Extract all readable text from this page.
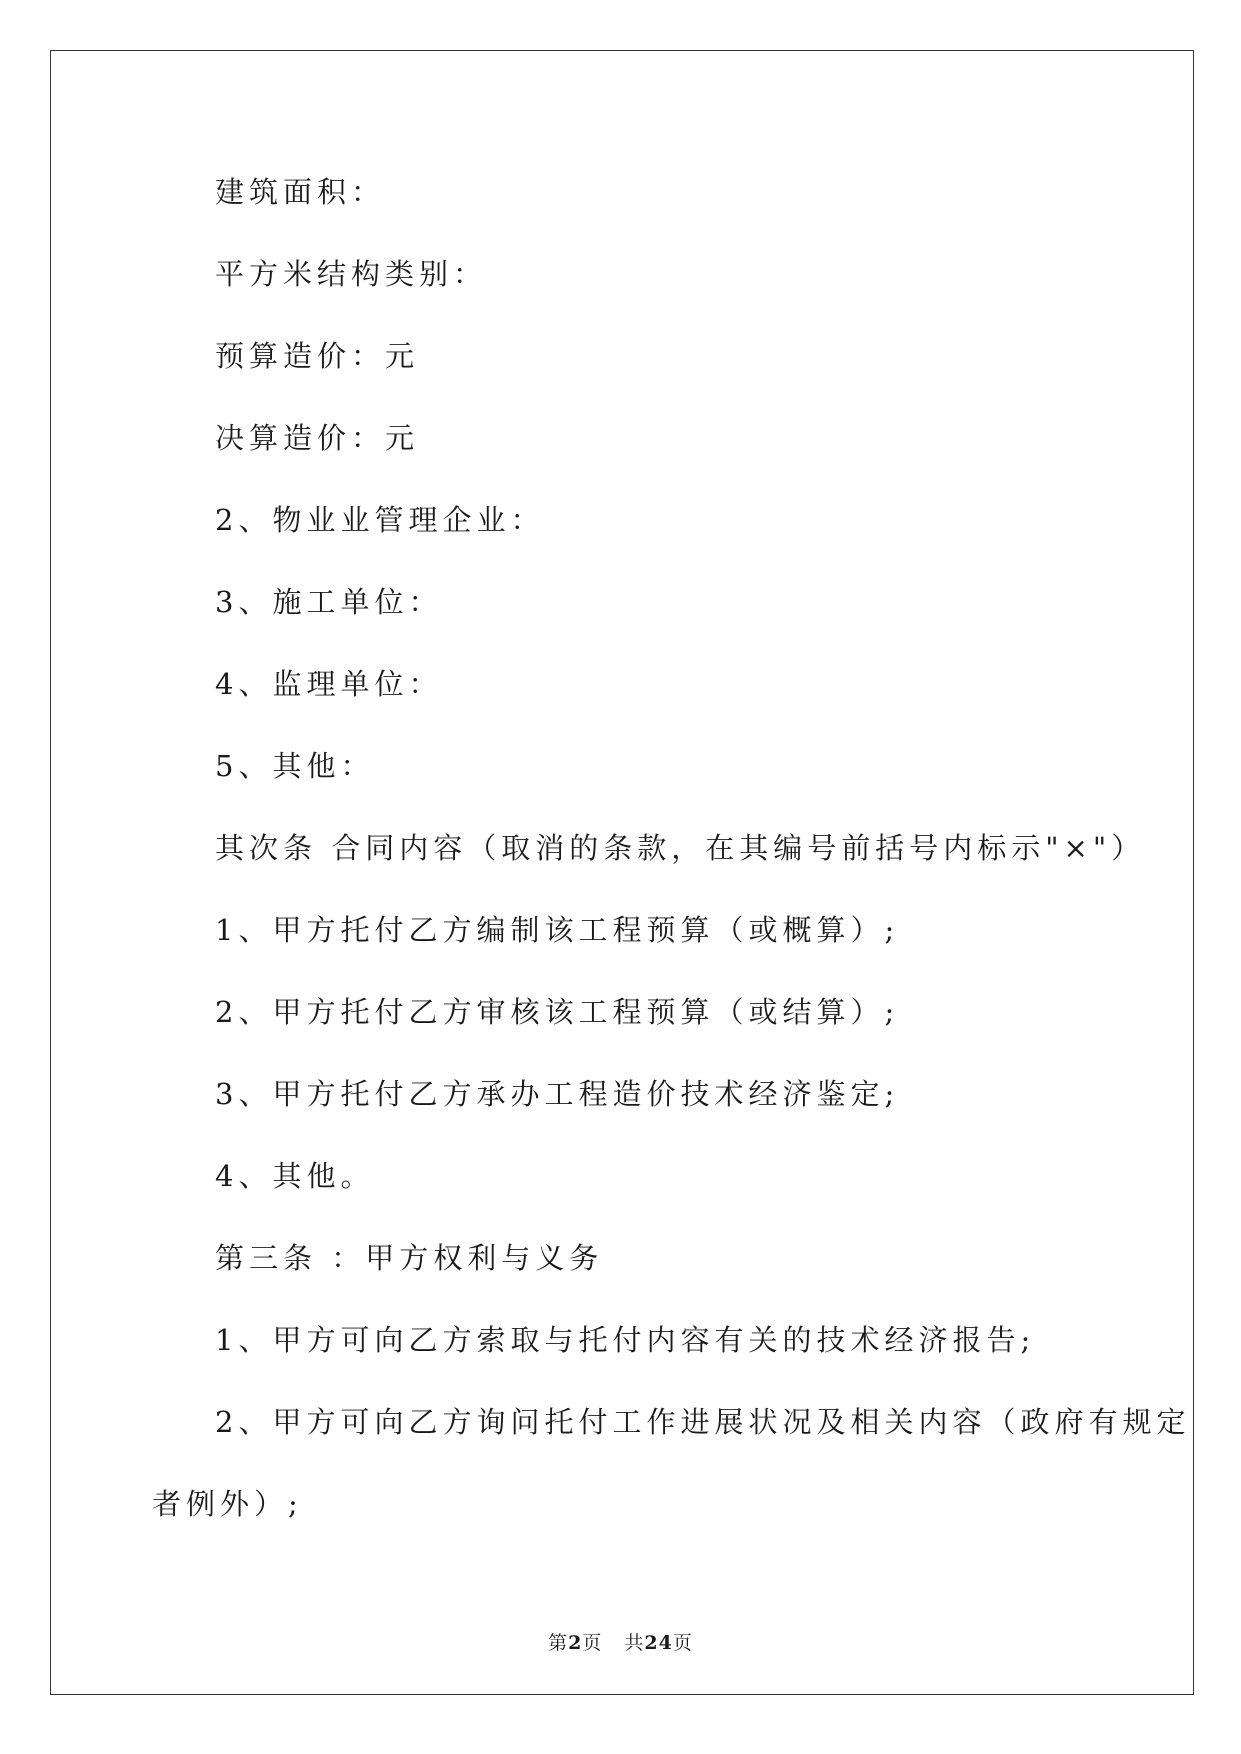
建筑面积：
平方米结构类别：
预算造价：元
决算造价：元
2、物业业管理企业：
3、施工单位：
4、监理单位：
5、其他：
其次条 合同内容（取消的条款，在其编号前括号内标示"×"）
1、甲方托付乙方编制该工程预算（或概算）;
2、甲方托付乙方审核该工程预算（或结算）;
3、甲方托付乙方承办工程造价技术经济鉴定;
4、其他。
第三条 ：甲方权利与义务
1、甲方可向乙方索取与托付内容有关的技术经济报告;
2、甲方可向乙方询问托付工作进展状况及相关内容（政府有规定
者例外）;
第2页 共24页
